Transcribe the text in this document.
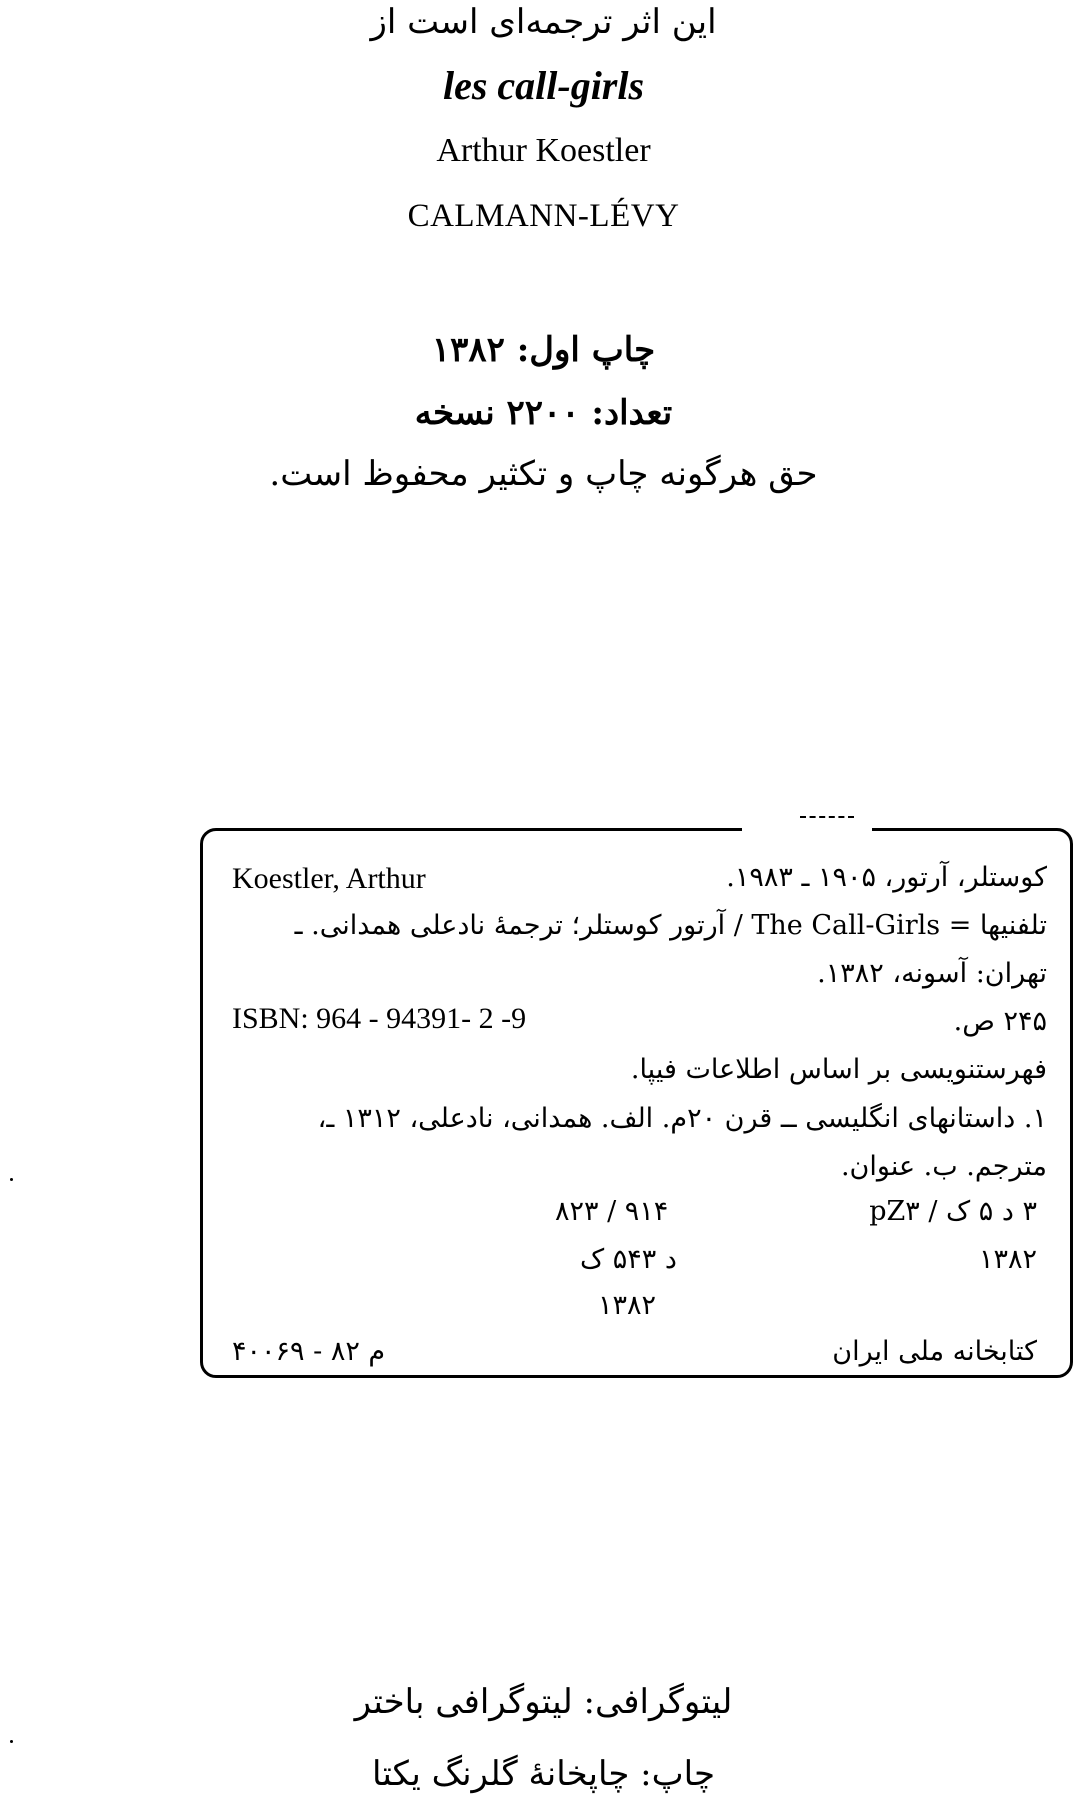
این اثر ترجمه‌ای است از
les call-girls
Arthur Koestler
CALMANN-LÉVY
چاپ اول: ۱۳۸۲
تعداد: ۲۲۰۰ نسخه
حق هرگونه چاپ و تکثیر محفوظ است.
کوستلر، آرتور، ۱۹۰۵ ـ ۱۹۸۳.
Koestler, Arthur
تلفنیها = The Call-Girls / آرتور کوستلر؛ ترجمهٔ نادعلی همدانی. ـ
تهران: آسونه، ۱۳۸۲.
ISBN: 964 - 94391- 2 -9	۲۴۵ ص.
فهرستنویسی بر اساس اطلاعات فیپا.
۱. داستانهای انگلیسی ــ قرن ۲۰م. الف. همدانی، نادعلی، ۱۳۱۲ ـ،
مترجم. ب. عنوان.
۳ د ۵ ک / pZ۳
۸۲۳ / ۹۱۴
۱۳۸۲
د ۵۴۳ ک
۱۳۸۲
کتابخانه ملی ایران
م ۸۲ - ۴۰۰۶۹
لیتوگرافی: لیتوگرافی باختر
چاپ: چاپخانهٔ گلرنگ یکتا
